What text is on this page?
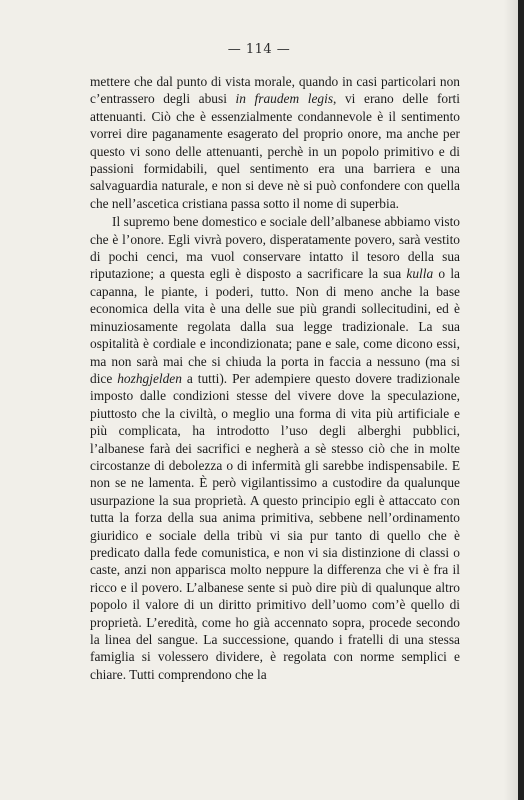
— 114 —

mettere che dal punto di vista morale, quando in casi particolari non c’entrassero degli abusi in fraudem legis, vi erano delle forti attenuanti. Ciò che è essenzialmente condannevole è il sentimento vorrei dire paganamente esagerato del proprio onore, ma anche per questo vi sono delle attenuanti, perchè in un popolo primitivo e di passioni formidabili, quel sentimento era una barriera e una salvaguardia naturale, e non si deve nè si può confondere con quella che nell’ascetica cristiana passa sotto il nome di superbia.

Il supremo bene domestico e sociale dell’albanese abbiamo visto che è l’onore. Egli vivrà povero, disperatamente povero, sarà vestito di pochi cenci, ma vuol conservare intatto il tesoro della sua riputazione; a questa egli è disposto a sacrificare la sua kulla o la capanna, le piante, i poderi, tutto. Non di meno anche la base economica della vita è una delle sue più grandi sollecitudini, ed è minuziosamente regolata dalla sua legge tradizionale. La sua ospitalità è cordiale e incondizionata; pane e sale, come dicono essi, ma non sarà mai che si chiuda la porta in faccia a nessuno (ma si dice hozhgjelden a tutti). Per adempiere questo dovere tradizionale imposto dalle condizioni stesse del vivere dove la speculazione, piuttosto che la civiltà, o meglio una forma di vita più artificiale e più complicata, ha introdotto l’uso degli alberghi pubblici, l’albanese farà dei sacrifici e negherà a sè stesso ciò che in molte circostanze di debolezza o di infermità gli sarebbe indispensabile. E non se ne lamenta. È però vigilantissimo a custodire da qualunque usurpazione la sua proprietà. A questo principio egli è attaccato con tutta la forza della sua anima primitiva, sebbene nell’ordinamento giuridico e sociale della tribù vi sia pur tanto di quello che è predicato dalla fede comunistica, e non vi sia distinzione di classi o caste, anzi non apparisca molto neppure la differenza che vi è fra il ricco e il povero. L’albanese sente si può dire più di qualunque altro popolo il valore di un diritto primitivo dell’uomo com’è quello di proprietà. L’eredità, come ho già accennato sopra, procede secondo la linea del sangue. La successione, quando i fratelli di una stessa famiglia si volessero dividere, è regolata con norme semplici e chiare. Tutti comprendono che la
